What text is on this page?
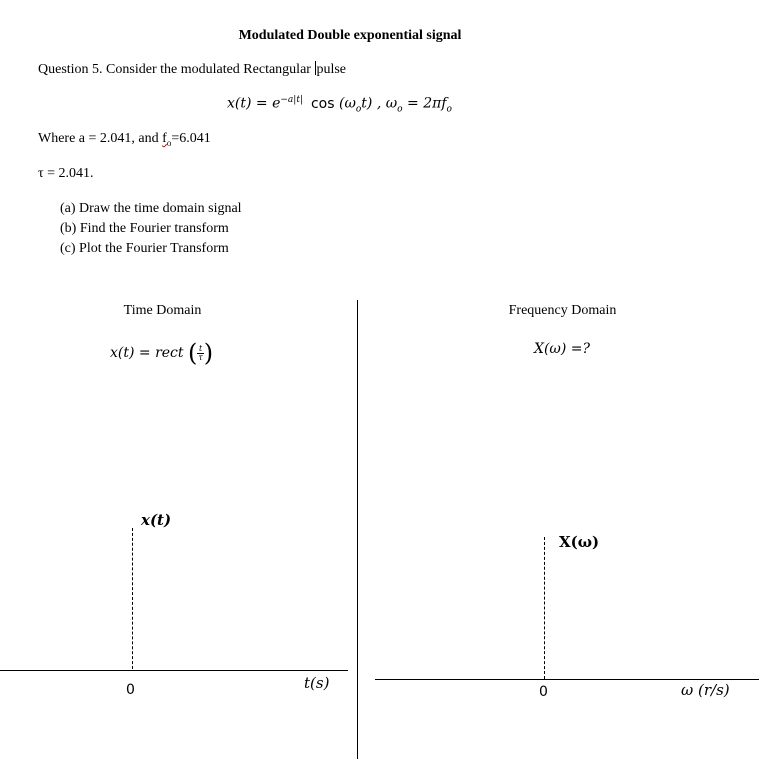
Modulated Double exponential signal
Question 5. Consider the modulated Rectangular pulse
$x(t) = e^{-a|t|}$ $\cos (\omega_ot)$ , $\omega_o = 2\pi f_o$
Where a = 2.041, and $f_o=6.041$
τ = 2.041.
(a) Draw the time domain signal
(b) Find the Fourier transform
(c) Plot the Fourier Transform
Time Domain
x(t) = rect ( $\frac{t}{\tau}$ )
x(t)
0	t(s)
Frequency Domain
X(ω) =?
X(ω)
0	ω (r/s)
